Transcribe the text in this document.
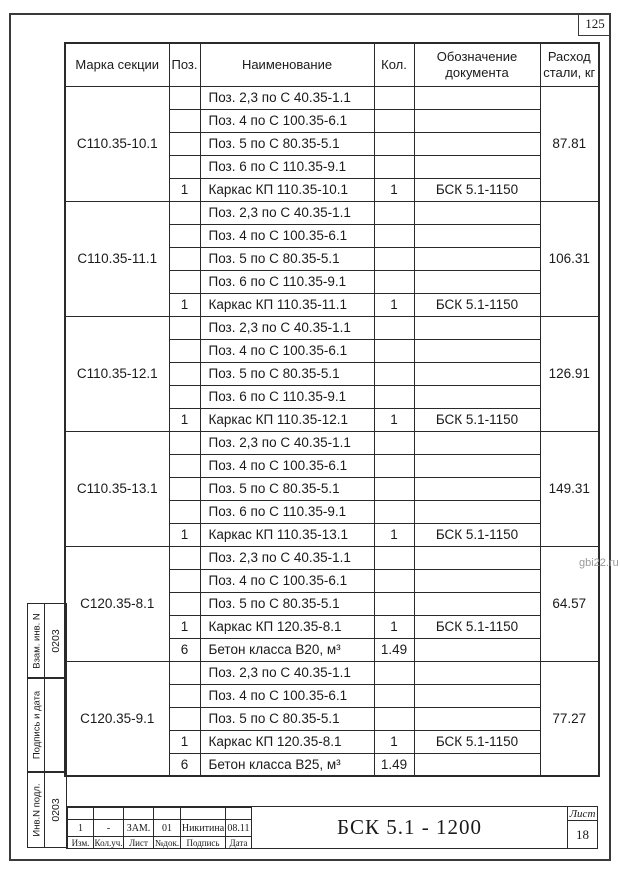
125
Марка секции	Поз.	Наименование	Кол.	Обозначение документа	Расход стали, кг
С110.35-10.1		Поз. 2,3 по С 40.35-1.1			87.81
		Поз. 4 по С 100.35-6.1			
		Поз. 5 по С 80.35-5.1			
		Поз. 6 по С 110.35-9.1			
	1	Каркас КП 110.35-10.1	1	БСК 5.1-1150	
С110.35-11.1		Поз. 2,3 по С 40.35-1.1			106.31
		Поз. 4 по С 100.35-6.1			
		Поз. 5 по С 80.35-5.1			
		Поз. 6 по С 110.35-9.1			
	1	Каркас КП 110.35-11.1	1	БСК 5.1-1150	
С110.35-12.1		Поз. 2,3 по С 40.35-1.1			126.91
		Поз. 4 по С 100.35-6.1			
		Поз. 5 по С 80.35-5.1			
		Поз. 6 по С 110.35-9.1			
	1	Каркас КП 110.35-12.1	1	БСК 5.1-1150	
С110.35-13.1		Поз. 2,3 по С 40.35-1.1			149.31
		Поз. 4 по С 100.35-6.1			
		Поз. 5 по С 80.35-5.1			
		Поз. 6 по С 110.35-9.1			
	1	Каркас КП 110.35-13.1	1	БСК 5.1-1150	
С120.35-8.1		Поз. 2,3 по С 40.35-1.1			64.57
		Поз. 4 по С 100.35-6.1			
		Поз. 5 по С 80.35-5.1			
	1	Каркас КП 120.35-8.1	1	БСК 5.1-1150	
	6	Бетон класса В20, м³	1.49		
С120.35-9.1		Поз. 2,3 по С 40.35-1.1			77.27
		Поз. 4 по С 100.35-6.1			
		Поз. 5 по С 80.35-5.1			
	1	Каркас КП 120.35-8.1	1	БСК 5.1-1150	
	6	Бетон класса В25, м³	1.49		
Взам. инв. N 0203
Подпись и дата
Инв.N подл. 0203

1	-	ЗАМ.	01	Никитина	08.11
Изм.	Кол.уч.	Лист	№док.	Подпись	Дата
БСК 5.1 - 1200
Лист
18
gbi22.ru
